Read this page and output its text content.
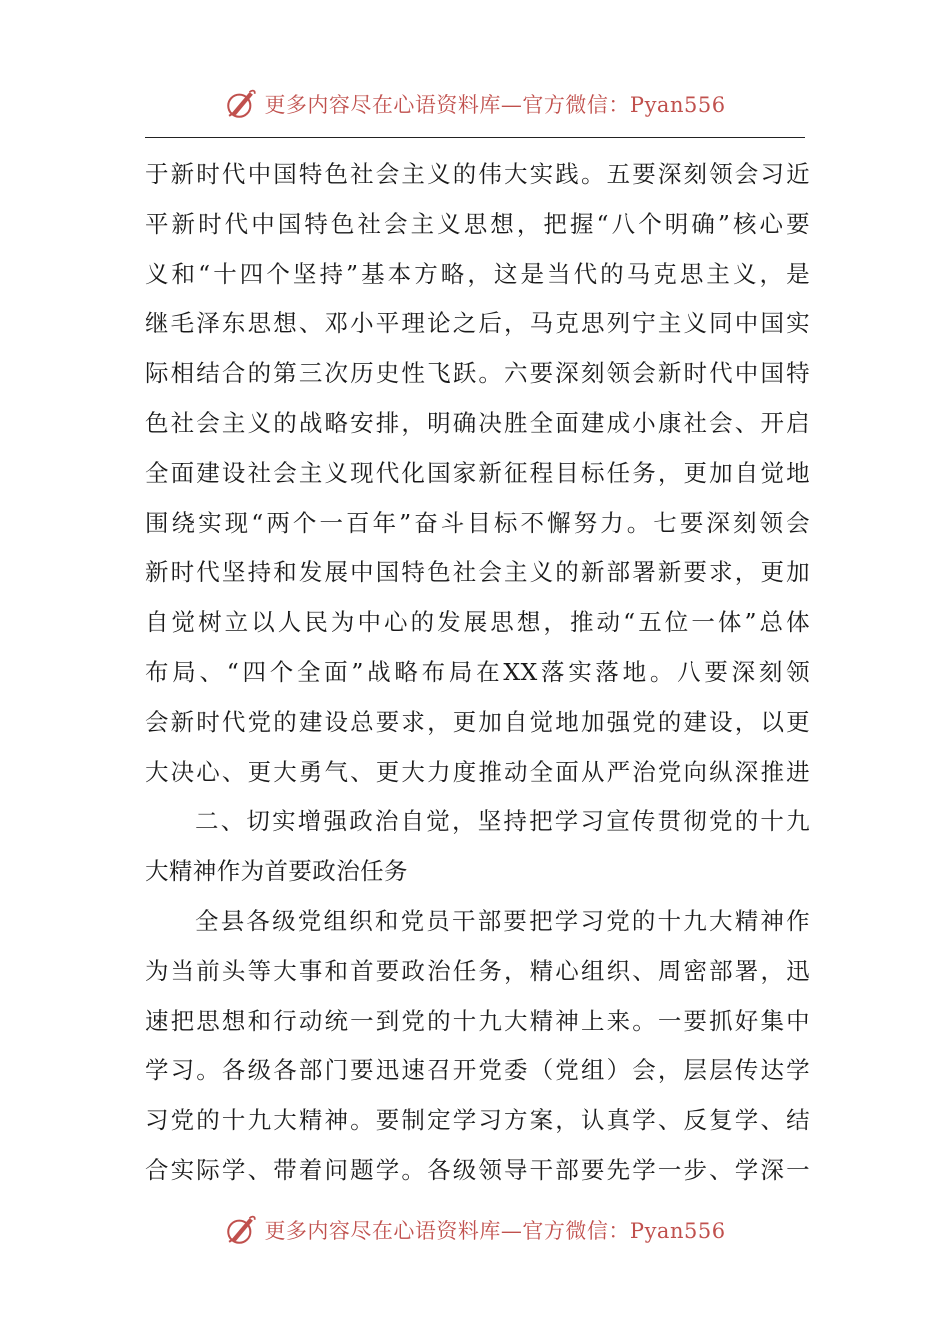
更多内容尽在心语资料库—官方微信：Pyan556
于新时代中国特色社会主义的伟大实践。五要深刻领会习近
平新时代中国特色社会主义思想，把握“八个明确”核心要
义和“十四个坚持”基本方略，这是当代的马克思主义，是
继毛泽东思想、邓小平理论之后，马克思列宁主义同中国实
际相结合的第三次历史性飞跃。六要深刻领会新时代中国特
色社会主义的战略安排，明确决胜全面建成小康社会、开启
全面建设社会主义现代化国家新征程目标任务，更加自觉地
围绕实现“两个一百年”奋斗目标不懈努力。七要深刻领会
新时代坚持和发展中国特色社会主义的新部署新要求，更加
自觉树立以人民为中心的发展思想，推动“五位一体”总体
布局、“四个全面”战略布局在XX落实落地。八要深刻领
会新时代党的建设总要求，更加自觉地加强党的建设，以更
大决心、更大勇气、更大力度推动全面从严治党向纵深推进
二、切实增强政治自觉，坚持把学习宣传贯彻党的十九
大精神作为首要政治任务
全县各级党组织和党员干部要把学习党的十九大精神作
为当前头等大事和首要政治任务，精心组织、周密部署，迅
速把思想和行动统一到党的十九大精神上来。一要抓好集中
学习。各级各部门要迅速召开党委（党组）会，层层传达学
习党的十九大精神。要制定学习方案，认真学、反复学、结
合实际学、带着问题学。各级领导干部要先学一步、学深一
更多内容尽在心语资料库—官方微信：Pyan556
